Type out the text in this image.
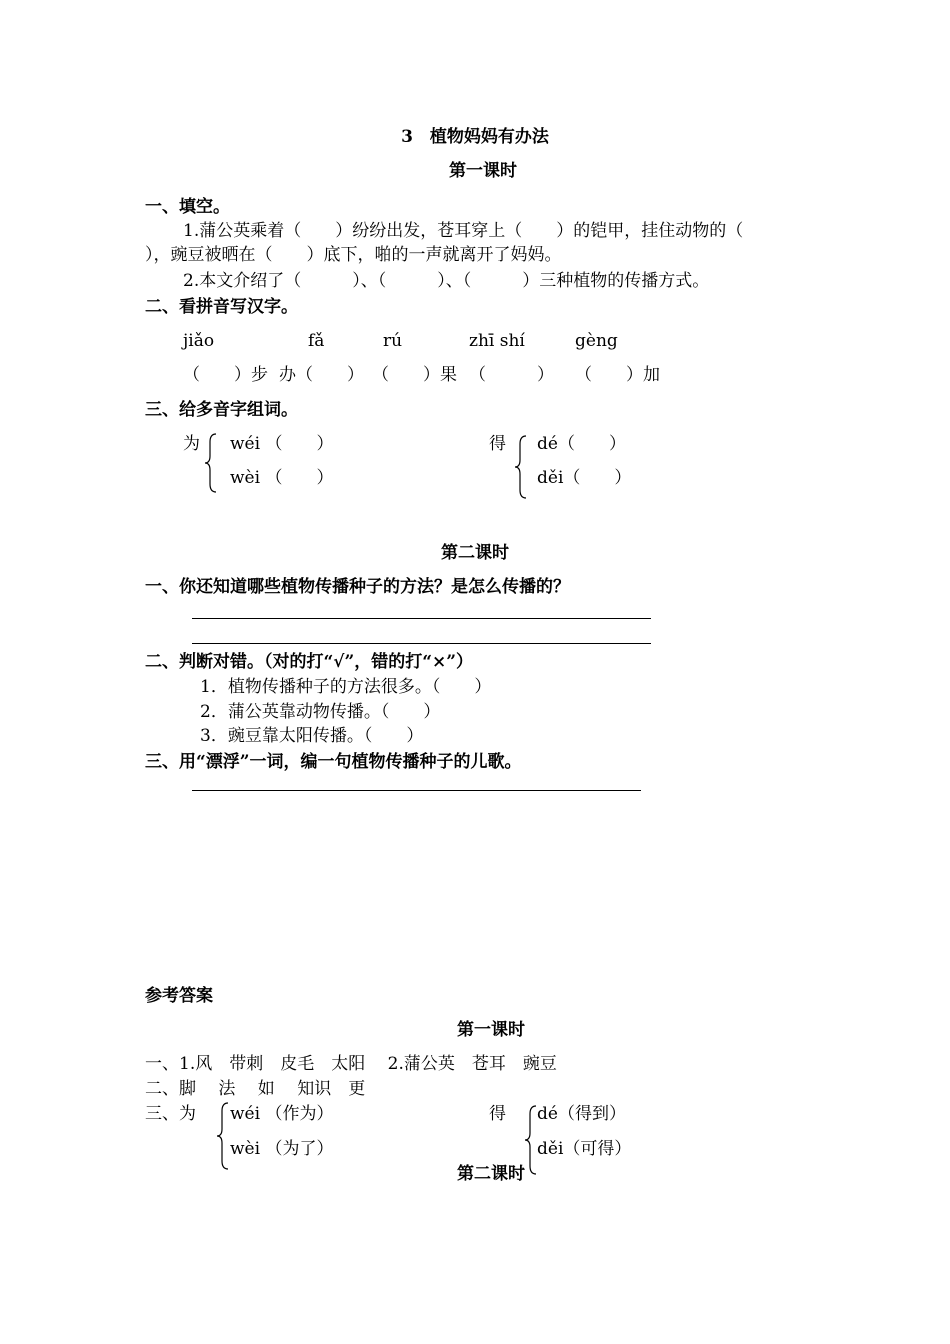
3　植物妈妈有办法
第一课时
一、填空。
1.蒲公英乘着（　　）纷纷出发，苍耳穿上（　　）的铠甲，挂住动物的（
），豌豆被晒在（　　）底下，啪的一声就离开了妈妈。
2.本文介绍了（　　　）、（　　　）、（　　　）三种植物的传播方式。
二、看拼音写汉字。
jiǎo	fǎ	rú	zhī shí	gèng
（　　）步 办（　　） （　　）果 （　　　） （　　）加
三、给多音字组词。
为 wéi （　　）
wèi （　　）
得 dé（　　）
děi（　　）
第二课时
一、你还知道哪些植物传播种子的方法？是怎么传播的？
二、判断对错。（对的打“√”，错的打“×”）
1．植物传播种子的方法很多。（　　）
2．蒲公英靠动物传播。（　　）
3．豌豆靠太阳传播。（　　）
三、用“漂浮”一词，编一句植物传播种子的儿歌。
参考答案
第一课时
一、1.风　带刺　皮毛　太阳　 2.蒲公英　苍耳　豌豆
二、脚　 法　 如　 知识　更
三、为 wéi （作为）
wèi （为了）
得 dé（得到）
děi（可得）
第二课时
